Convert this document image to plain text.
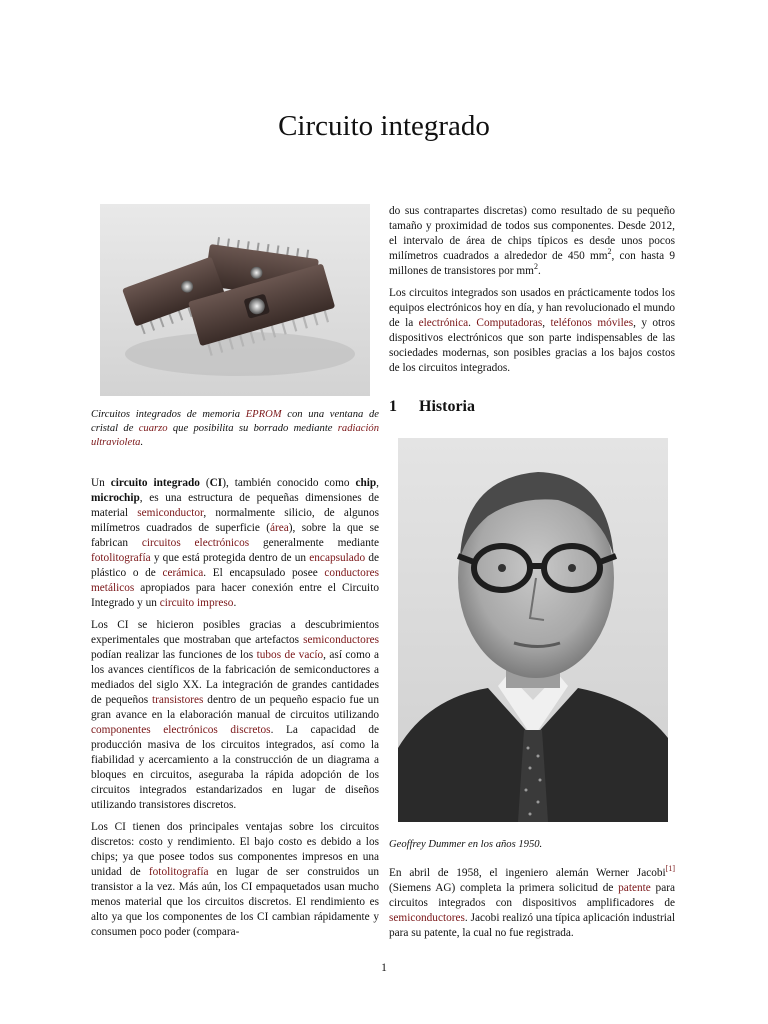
Circuito integrado
Circuitos integrados de memoria EPROM con una ventana de cristal de cuarzo que posibilita su borrado mediante radiación ultravioleta.

Un circuito integrado (CI), también conocido como chip, microchip, es una estructura de pequeñas dimensiones de material semiconductor, normalmente silicio, de algunos milímetros cuadrados de superficie (área), sobre la que se fabrican circuitos electrónicos generalmente mediante fotolitografía y que está protegida dentro de un encapsulado de plástico o de cerámica. El encapsulado posee conductores metálicos apropiados para hacer conexión entre el Circuito Integrado y un circuito impreso.

Los CI se hicieron posibles gracias a descubrimientos experimentales que mostraban que artefactos semiconductores podían realizar las funciones de los tubos de vacío, así como a los avances científicos de la fabricación de semiconductores a mediados del siglo XX. La integración de grandes cantidades de pequeños transistores dentro de un pequeño espacio fue un gran avance en la elaboración manual de circuitos utilizando componentes electrónicos discretos. La capacidad de producción masiva de los circuitos integrados, así como la fiabilidad y acercamiento a la construcción de un diagrama a bloques en circuitos, aseguraba la rápida adopción de los circuitos integrados estandarizados en lugar de diseños utilizando transistores discretos.

Los CI tienen dos principales ventajas sobre los circuitos discretos: costo y rendimiento. El bajo costo es debido a los chips; ya que posee todos sus componentes impresos en una unidad de fotolitografía en lugar de ser construidos un transistor a la vez. Más aún, los CI empaquetados usan mucho menos material que los circuitos discretos. El rendimiento es alto ya que los componentes de los CI cambian rápidamente y consumen poco poder (compara-

do sus contrapartes discretas) como resultado de su pequeño tamaño y proximidad de todos sus componentes. Desde 2012, el intervalo de área de chips típicos es desde unos pocos milímetros cuadrados a alrededor de 450 $mm^2$, con hasta 9 millones de transistores por $mm^2$.

Los circuitos integrados son usados en prácticamente todos los equipos electrónicos hoy en día, y han revolucionado el mundo de la electrónica. Computadoras, teléfonos móviles, y otros dispositivos electrónicos que son parte indispensables de las sociedades modernas, son posibles gracias a los bajos costos de los circuitos integrados.

1 Historia
Geoffrey Dummer en los años 1950.

En abril de 1958, el ingeniero alemán Werner Jacobi[1] (Siemens AG) completa la primera solicitud de patente para circuitos integrados con dispositivos amplificadores de semiconductores. Jacobi realizó una típica aplicación industrial para su patente, la cual no fue registrada.

1
